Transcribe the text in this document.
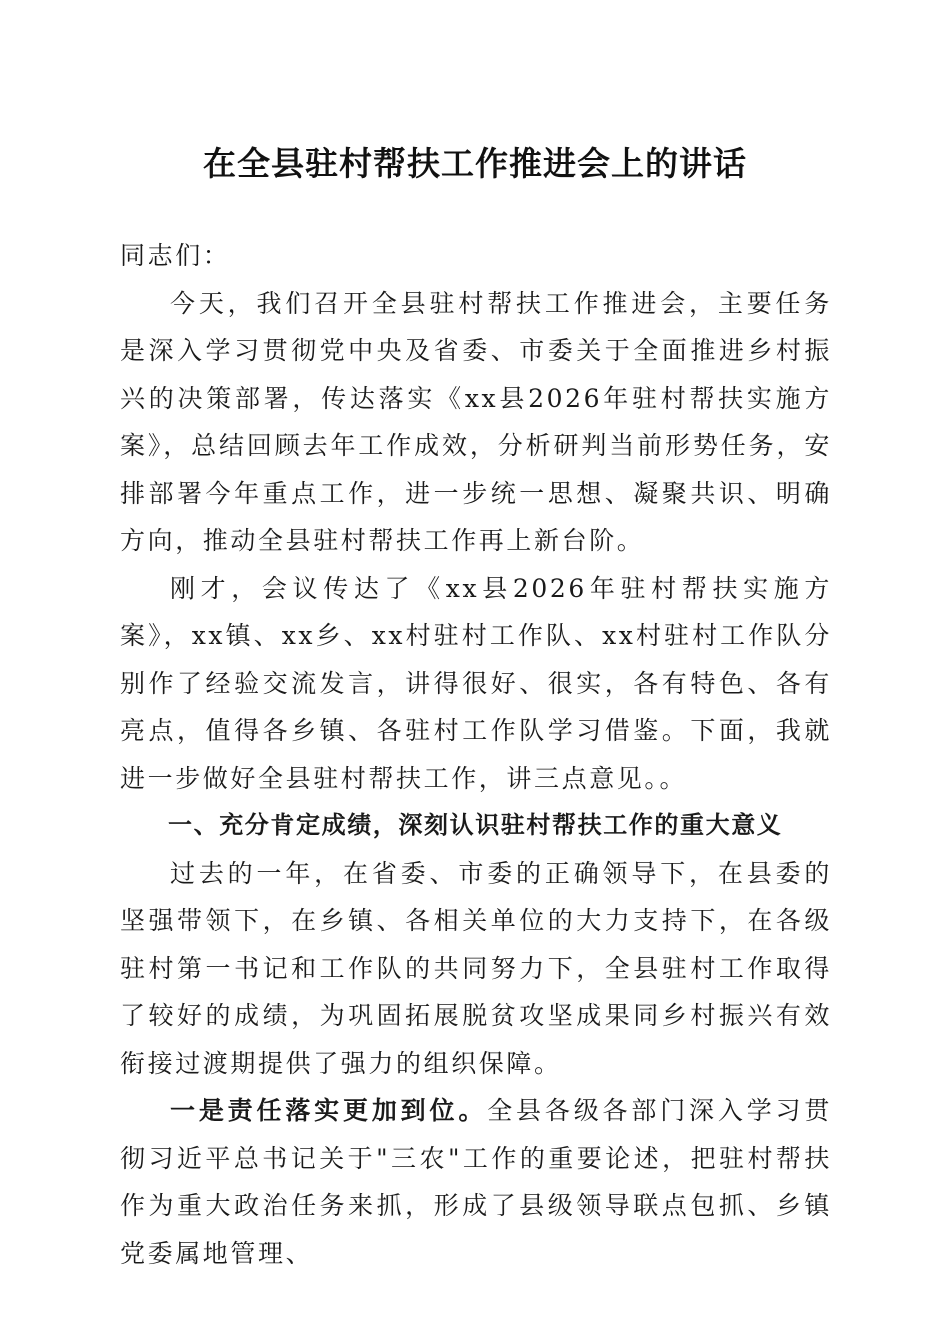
在全县驻村帮扶工作推进会上的讲话

同志们：

今天，我们召开全县驻村帮扶工作推进会，主要任务是深入学习贯彻党中央及省委、市委关于全面推进乡村振兴的决策部署，传达落实《xx县2026年驻村帮扶实施方案》，总结回顾去年工作成效，分析研判当前形势任务，安排部署今年重点工作，进一步统一思想、凝聚共识、明确方向，推动全县驻村帮扶工作再上新台阶。

刚才，会议传达了《xx县2026年驻村帮扶实施方案》，xx镇、xx乡、xx村驻村工作队、xx村驻村工作队分别作了经验交流发言，讲得很好、很实，各有特色、各有亮点，值得各乡镇、各驻村工作队学习借鉴。下面，我就进一步做好全县驻村帮扶工作，讲三点意见。。

一、充分肯定成绩，深刻认识驻村帮扶工作的重大意义

过去的一年，在省委、市委的正确领导下，在县委的坚强带领下，在乡镇、各相关单位的大力支持下，在各级驻村第一书记和工作队的共同努力下，全县驻村工作取得了较好的成绩，为巩固拓展脱贫攻坚成果同乡村振兴有效衔接过渡期提供了强力的组织保障。

一是责任落实更加到位。全县各级各部门深入学习贯彻习近平总书记关于"三农"工作的重要论述，把驻村帮扶作为重大政治任务来抓，形成了县级领导联点包抓、乡镇党委属地管理、
